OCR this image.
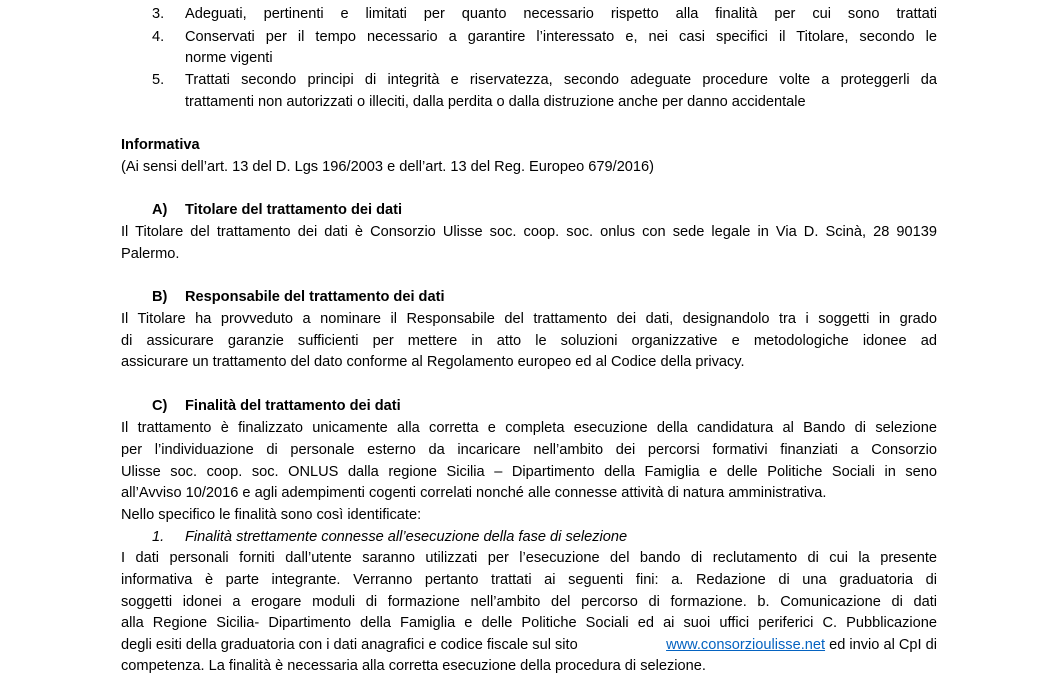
3. Adeguati, pertinenti e limitati per quanto necessario rispetto alla finalità per cui sono trattati
4. Conservati per il tempo necessario a garantire l’interessato e, nei casi specifici il Titolare, secondo le
norme vigenti
5. Trattati secondo principi di integrità e riservatezza, secondo adeguate procedure volte a proteggerli da
trattamenti non autorizzati o illeciti, dalla perdita o dalla distruzione anche per danno accidentale
Informativa
(Ai sensi dell’art. 13 del D. Lgs 196/2003 e dell’art. 13 del Reg. Europeo 679/2016)
A) Titolare del trattamento dei dati
Il Titolare del trattamento dei dati è Consorzio Ulisse soc. coop. soc. onlus con sede legale in Via D. Scinà, 28 90139
Palermo.
B) Responsabile del trattamento dei dati
Il Titolare ha provveduto a nominare il Responsabile del trattamento dei dati, designandolo tra i soggetti in grado
di assicurare garanzie sufficienti per mettere in atto le soluzioni organizzative e metodologiche idonee ad
assicurare un trattamento del dato conforme al Regolamento europeo ed al Codice della privacy.
C) Finalità del trattamento dei dati
Il trattamento è finalizzato unicamente alla corretta e completa esecuzione della candidatura al Bando di selezione
per l’individuazione di personale esterno da incaricare nell’ambito dei percorsi formativi finanziati a Consorzio
Ulisse soc. coop. soc. ONLUS dalla regione Sicilia – Dipartimento della Famiglia e delle Politiche Sociali in seno
all’Avviso 10/2016 e agli adempimenti cogenti correlati nonché alle connesse attività di natura amministrativa.
Nello specifico le finalità sono così identificate:
1. Finalità strettamente connesse all’esecuzione della fase di selezione
I dati personali forniti dall’utente saranno utilizzati per l’esecuzione del bando di reclutamento di cui la presente
informativa è parte integrante. Verranno pertanto trattati ai seguenti fini: a. Redazione di una graduatoria di
soggetti idonei a erogare moduli di formazione nell’ambito del percorso di formazione. b. Comunicazione di dati
alla Regione Sicilia- Dipartimento della Famiglia e delle Politiche Sociali ed ai suoi uffici periferici C. Pubblicazione
degli esiti della graduatoria con i dati anagrafici e codice fiscale sul sito	www.consorzioulisse.net ed invio al CpI di
competenza. La finalità è necessaria alla corretta esecuzione della procedura di selezione.
